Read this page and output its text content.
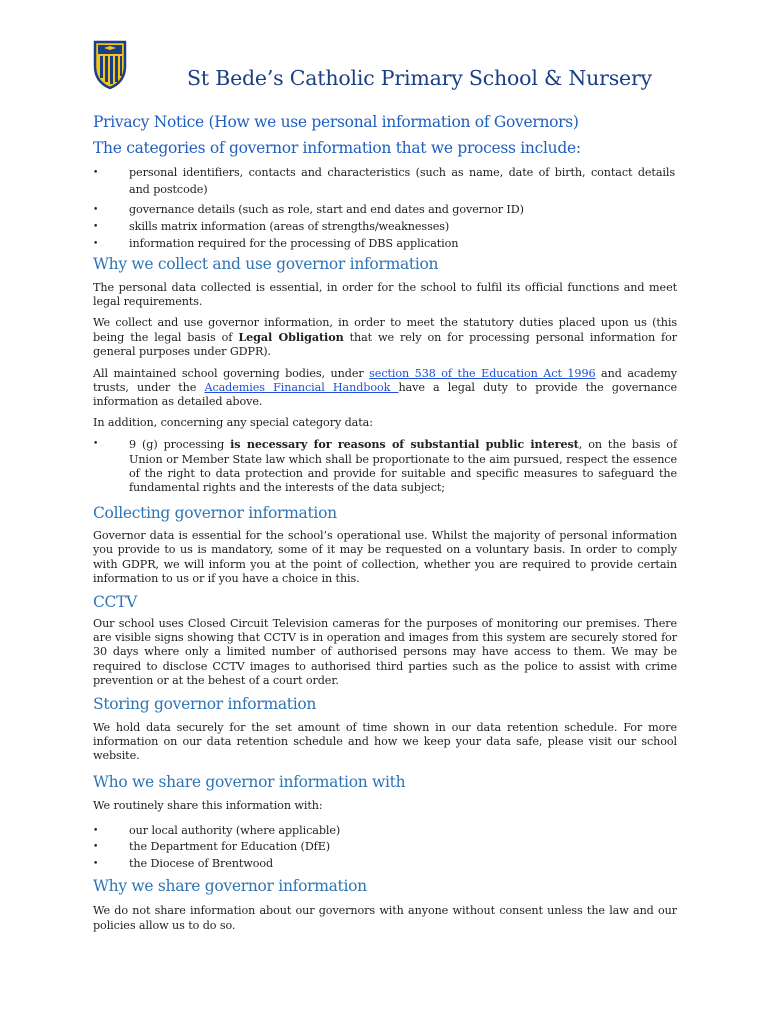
St Bede’s Catholic Primary School & Nursery
Privacy Notice (How we use personal information of Governors)
The categories of governor information that we process include:
•	personal identifiers, contacts and characteristics (such as name, date of birth, contact details and postcode)
•	governance details (such as role, start and end dates and governor ID)
•	skills matrix information (areas of strengths/weaknesses)
•	information required for the processing of DBS application
Why we collect and use governor information

The personal data collected is essential, in order for the school to fulfil its official functions and meet legal requirements.

We collect and use governor information, in order to meet the statutory duties placed upon us (this being the legal basis of Legal Obligation that we rely on for processing personal information for general purposes under GDPR).

All maintained school governing bodies, under section 538 of the Education Act 1996 and academy trusts, under the Academies Financial Handbook have a legal duty to provide the governance information as detailed above.

In addition, concerning any special category data:

•	9 (g) processing is necessary for reasons of substantial public interest, on the basis of Union or Member State law which shall be proportionate to the aim pursued, respect the essence of the right to data protection and provide for suitable and specific measures to safeguard the fundamental rights and the interests of the data subject;
Collecting governor information

Governor data is essential for the school’s operational use. Whilst the majority of personal information you provide to us is mandatory, some of it may be requested on a voluntary basis. In order to comply with GDPR, we will inform you at the point of collection, whether you are required to provide certain information to us or if you have a choice in this.

CCTV

Our school uses Closed Circuit Television cameras for the purposes of monitoring our premises. There are visible signs showing that CCTV is in operation and images from this system are securely stored for 30 days where only a limited number of authorised persons may have access to them. We may be required to disclose CCTV images to authorised third parties such as the police to assist with crime prevention or at the behest of a court order.

Storing governor information

We hold data securely for the set amount of time shown in our data retention schedule. For more information on our data retention schedule and how we keep your data safe, please visit our school website.

Who we share governor information with

We routinely share this information with:

•	our local authority (where applicable)
•	the Department for Education (DfE)
•	the Diocese of Brentwood
Why we share governor information

We do not share information about our governors with anyone without consent unless the law and our policies allow us to do so.
